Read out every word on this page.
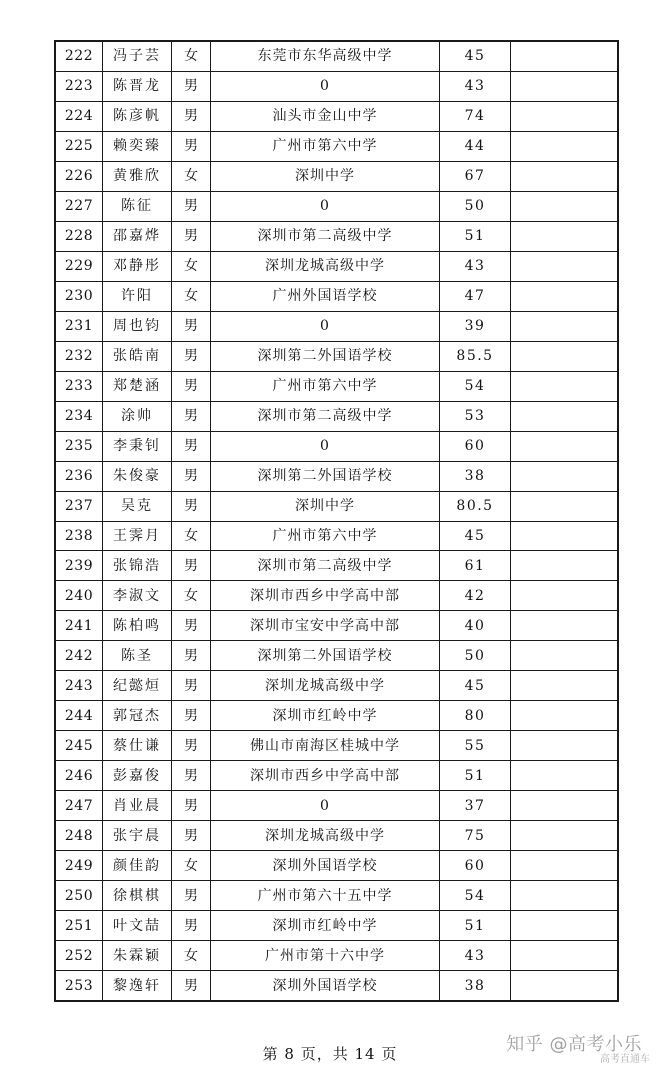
222	冯子芸	女	东莞市东华高级中学	45	
223	陈晋龙	男	0	43	
224	陈彦帆	男	汕头市金山中学	74	
225	赖奕臻	男	广州市第六中学	44	
226	黄雅欣	女	深圳中学	67	
227	陈征	男	0	50	
228	邵嘉烨	男	深圳市第二高级中学	51	
229	邓静彤	女	深圳龙城高级中学	43	
230	许阳	女	广州外国语学校	47	
231	周也钧	男	0	39	
232	张皓南	男	深圳第二外国语学校	85.5	
233	郑楚涵	男	广州市第六中学	54	
234	涂帅	男	深圳市第二高级中学	53	
235	李秉钊	男	0	60	
236	朱俊豪	男	深圳第二外国语学校	38	
237	吴克	男	深圳中学	80.5	
238	王霁月	女	广州市第六中学	45	
239	张锦浩	男	深圳市第二高级中学	61	
240	李淑文	女	深圳市西乡中学高中部	42	
241	陈柏鸣	男	深圳市宝安中学高中部	40	
242	陈圣	男	深圳第二外国语学校	50	
243	纪懿烜	男	深圳龙城高级中学	45	
244	郭冠杰	男	深圳市红岭中学	80	
245	蔡仕谦	男	佛山市南海区桂城中学	55	
246	彭嘉俊	男	深圳市西乡中学高中部	51	
247	肖业晨	男	0	37	
248	张宇晨	男	深圳龙城高级中学	75	
249	颜佳韵	女	深圳外国语学校	60	
250	徐棋棋	男	广州市第六十五中学	54	
251	叶文喆	男	深圳市红岭中学	51	
252	朱霖颖	女	广州市第十六中学	43	
253	黎逸轩	男	深圳外国语学校	38	
第 8 页，共 14 页	知乎 @高考小乐
高考直通车
